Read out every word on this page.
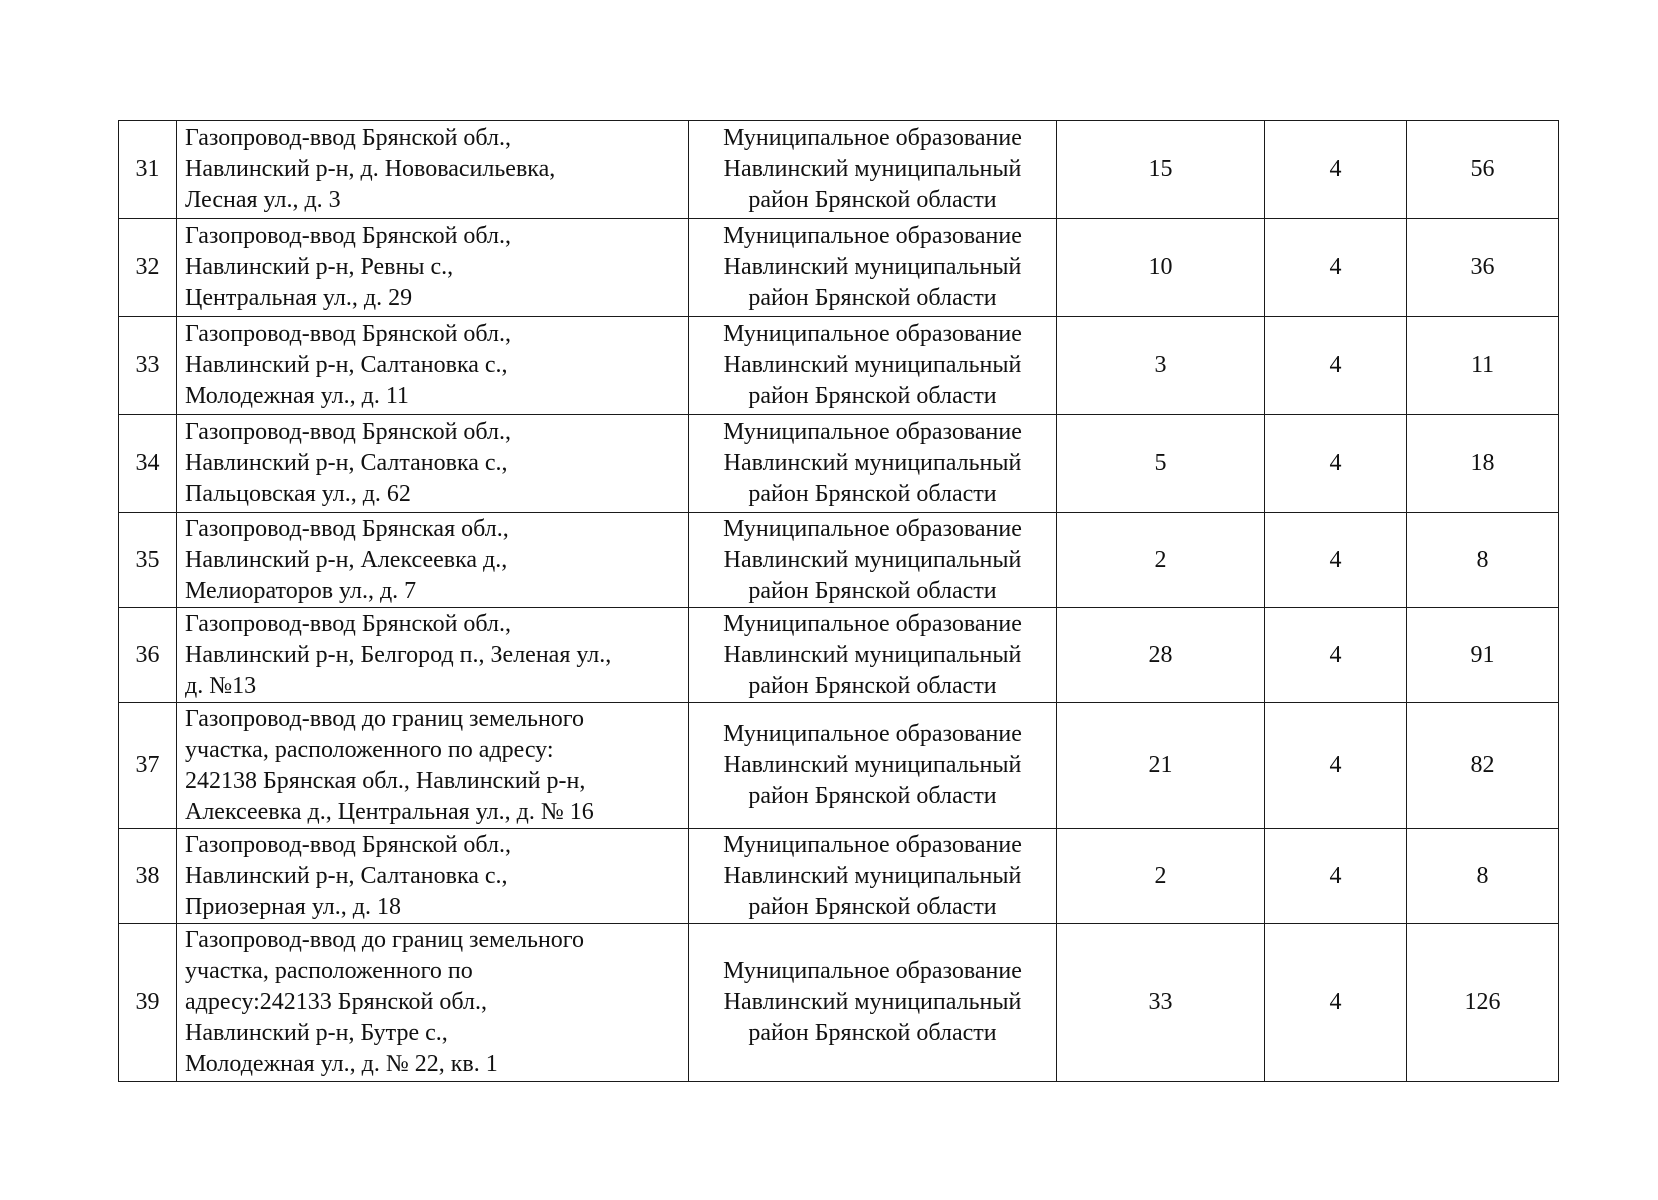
31	Газопровод-ввод Брянской обл.,
Навлинский р-н, д. Нововасильевка,
Лесная ул., д. 3	Муниципальное образование
Навлинский муниципальный
район Брянской области	15	4	56

32	Газопровод-ввод Брянской обл.,
Навлинский р-н, Ревны с.,
Центральная ул., д. 29	Муниципальное образование
Навлинский муниципальный
район Брянской области	10	4	36

33	Газопровод-ввод Брянской обл.,
Навлинский р-н, Салтановка с.,
Молодежная ул., д. 11	Муниципальное образование
Навлинский муниципальный
район Брянской области	3	4	11

34	Газопровод-ввод Брянской обл.,
Навлинский р-н, Салтановка с.,
Пальцовская ул., д. 62	Муниципальное образование
Навлинский муниципальный
район Брянской области	5	4	18

35	Газопровод-ввод Брянская обл.,
Навлинский р-н, Алексеевка д.,
Мелиораторов ул., д. 7	Муниципальное образование
Навлинский муниципальный
район Брянской области	2	4	8

36	Газопровод-ввод Брянской обл.,
Навлинский р-н, Белгород п., Зеленая ул.,
д. №13	Муниципальное образование
Навлинский муниципальный
район Брянской области	28	4	91

37	Газопровод-ввод до границ земельного
участка, расположенного по адресу:
242138 Брянская обл., Навлинский р-н,
Алексеевка д., Центральная ул., д. № 16	Муниципальное образование
Навлинский муниципальный
район Брянской области	21	4	82

38	Газопровод-ввод Брянской обл.,
Навлинский р-н, Салтановка с.,
Приозерная ул., д. 18	Муниципальное образование
Навлинский муниципальный
район Брянской области	2	4	8

39	Газопровод-ввод до границ земельного
участка, расположенного по
адресу:242133 Брянской обл.,
Навлинский р-н, Бутре с.,
Молодежная ул., д. № 22, кв. 1	Муниципальное образование
Навлинский муниципальный
район Брянской области	33	4	126
